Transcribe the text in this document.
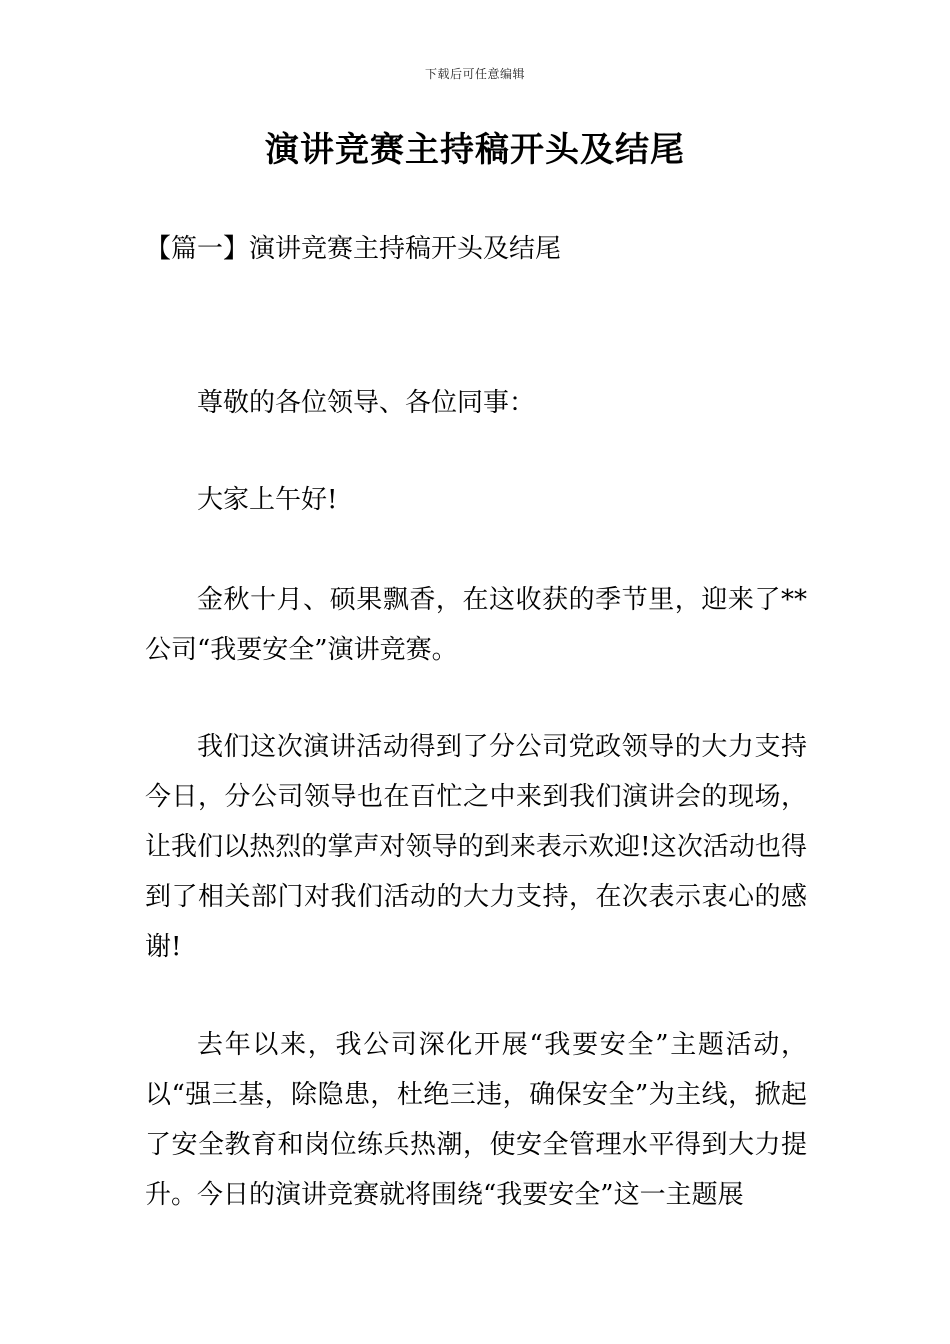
下载后可任意编辑
演讲竞赛主持稿开头及结尾
【篇一】演讲竞赛主持稿开头及结尾

尊敬的各位领导、各位同事：

大家上午好!

金秋十月、硕果飘香，在这收获的季节里，迎来了**公司“我要安全”演讲竞赛。

我们这次演讲活动得到了分公司党政领导的大力支持今日，分公司领导也在百忙之中来到我们演讲会的现场，让我们以热烈的掌声对领导的到来表示欢迎!这次活动也得到了相关部门对我们活动的大力支持，在次表示衷心的感谢!

去年以来，我公司深化开展“我要安全”主题活动，以“强三基，除隐患，杜绝三违，确保安全”为主线，掀起了安全教育和岗位练兵热潮，使安全管理水平得到大力提升。今日的演讲竞赛就将围绕“我要安全”这一主题展
